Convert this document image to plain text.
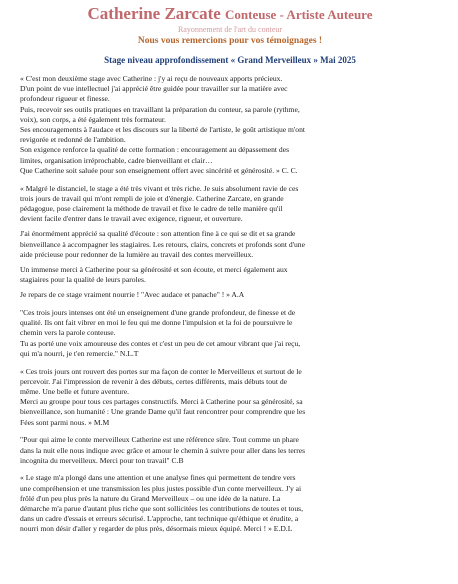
Catherine Zarcate Conteuse - Artiste Auteure
Rayonnement de l'art du conteur
Nous vous remercions pour vos témoignages !
Stage niveau approfondissement « Grand Merveilleux » Mai 2025

« C'est mon deuxième stage avec Catherine : j'y ai reçu de nouveaux apports précieux.
D'un point de vue intellectuel j'ai apprécié être guidée pour travailler sur la matière avec
profondeur rigueur et finesse.
Puis, recevoir ses outils pratiques en travaillant la préparation du conteur, sa parole (rythme,
voix), son corps, a été également très formateur.
Ses encouragements à l'audace et les discours sur la liberté de l'artiste, le goût artistique m'ont
revigorée et redonné de l'ambition.
Son exigence renforce la qualité de cette formation : encouragement au dépassement des
limites, organisation irréprochable, cadre bienveillant et clair…
Que Catherine soit saluée pour son enseignement offert avec sincérité et générosité. » C. C.

« Malgré le distanciel, le stage a été très vivant et très riche. Je suis absolument ravie de ces
trois jours de travail qui m'ont rempli de joie et d'énergie. Catherine Zarcate, en grande
pédagogue, pose clairement la méthode de travail et fixe le cadre de telle manière qu'il
devient facile d'entrer dans le travail avec exigence, rigueur, et ouverture.

J'ai énormément apprécié sa qualité d'écoute : son attention fine à ce qui se dit et sa grande
bienveillance à accompagner les stagiaires. Les retours, clairs, concrets et profonds sont d'une
aide précieuse pour redonner de la lumière au travail des contes merveilleux.

Un immense merci à Catherine pour sa générosité et son écoute, et merci également aux
stagiaires pour la qualité de leurs paroles.

Je repars de ce stage vraiment nourrie ! "Avec audace et panache" ! » A.A

"Ces trois jours intenses ont été un enseignement d'une grande profondeur, de finesse et de
qualité. Ils ont fait vibrer en moi le feu qui me donne l'impulsion et la foi de poursuivre le
chemin vers la parole conteuse.
Tu as porté une voix amoureuse des contes et c'est un peu de cet amour vibrant que j'ai reçu,
qui m'a nourri, je t'en remercie." N.L.T

« Ces trois jours ont rouvert des portes sur ma façon de conter le Merveilleux et surtout de le
percevoir. J'ai l'impression de revenir à des débuts, certes différents, mais débuts tout de
même. Une belle et future aventure.
Merci au groupe pour tous ces partages constructifs. Merci à Catherine pour sa générosité, sa
bienveillance, son humanité : Une grande Dame qu'il faut rencontrer pour comprendre que les
Fées sont parmi nous. » M.M

"Pour qui aime le conte merveilleux Catherine est une référence sûre. Tout comme un phare
dans la nuit elle nous indique avec grâce et amour le chemin à suivre pour aller dans les terres
incognita du merveilleux. Merci pour ton travail" C.B

« Le stage m'a plongé dans une attention et une analyse fines qui permettent de tendre vers
une compréhension et une transmission les plus justes possible d'un conte merveilleux. J'y ai
frôlé d'un peu plus près la nature du Grand Merveilleux – ou une idée de la nature. La
démarche m'a parue d'autant plus riche que sont sollicitées les contributions de toutes et tous,
dans un cadre d'essais et erreurs sécurisé. L'approche, tant technique qu'éthique et érudite, a
nourri mon désir d'aller y regarder de plus près, désormais mieux équipé. Merci ! » E.D.L
